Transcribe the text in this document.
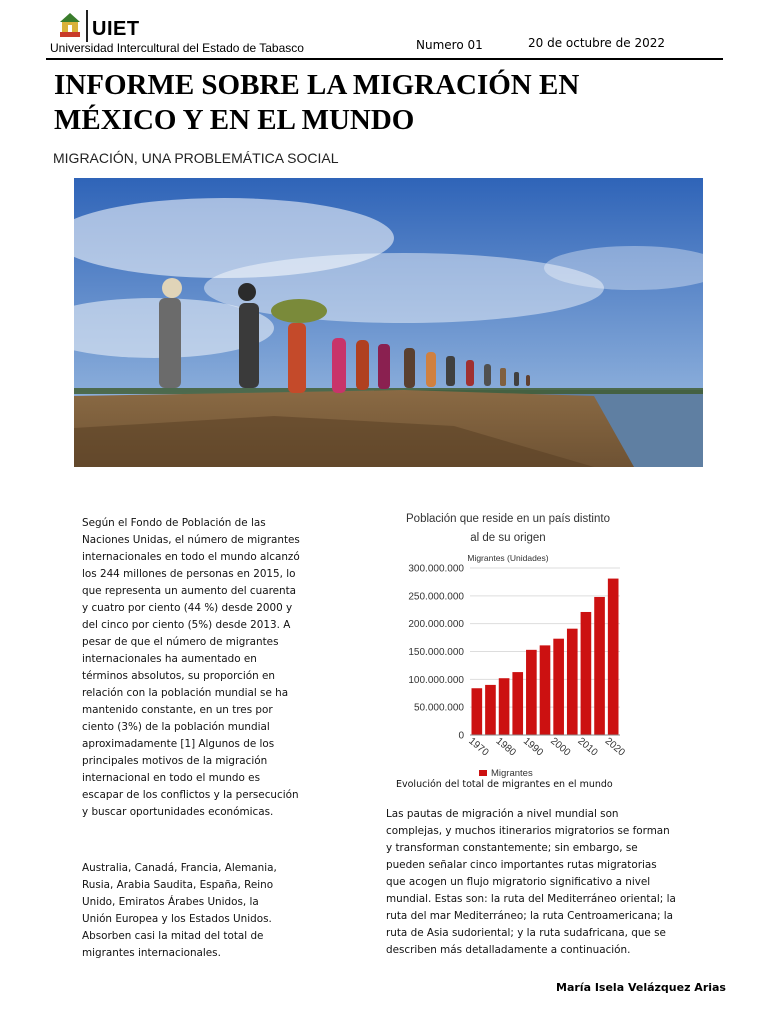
UIET
Universidad Intercultural del Estado de Tabasco	Numero 01	20 de octubre de 2022
INFORME SOBRE LA MIGRACIÓN EN
MÉXICO Y EN EL MUNDO
MIGRACIÓN, UNA PROBLEMÁTICA SOCIAL
Según el Fondo de Población de las Naciones Unidas, el número de migrantes internacionales en todo el mundo alcanzó los 244 millones de personas en 2015, lo que representa un aumento del cuarenta y cuatro por ciento (44 %) desde 2000 y del cinco por ciento (5%) desde 2013. A pesar de que el número de migrantes internacionales ha aumentado en términos absolutos, su proporción en relación con la población mundial se ha mantenido constante, en un tres por ciento (3%) de la población mundial aproximadamente [1] Algunos de los principales motivos de la migración internacional en todo el mundo es escapar de los conflictos y la persecución y buscar oportunidades económicas.
Australia, Canadá, Francia, Alemania, Rusia, Arabia Saudita, España, Reino Unido, Emiratos Árabes Unidos, la Unión Europea y los Estados Unidos. Absorben casi la mitad del total de migrantes internacionales.
Las pautas de migración a nivel mundial son complejas, y muchos itinerarios migratorios se forman y transforman constantemente; sin embargo, se pueden señalar cinco importantes rutas migratorias que acogen un flujo migratorio significativo a nivel mundial. Estas son: la ruta del Mediterráneo oriental; la ruta del mar Mediterráneo; la ruta Centroamericana; la ruta de Asia sudoriental; y la ruta sudafricana, que se describen más detalladamente a continuación.
María Isela Velázquez Arias
Población que reside en un país distinto
al de su origen
Migrantes (Unidades)
0
50.000.000
100.000.000
150.000.000
200.000.000
250.000.000
300.000.000
1970 1980 1990 2000 2010 2020
Migrantes
Evolución del total de migrantes en el mundo
